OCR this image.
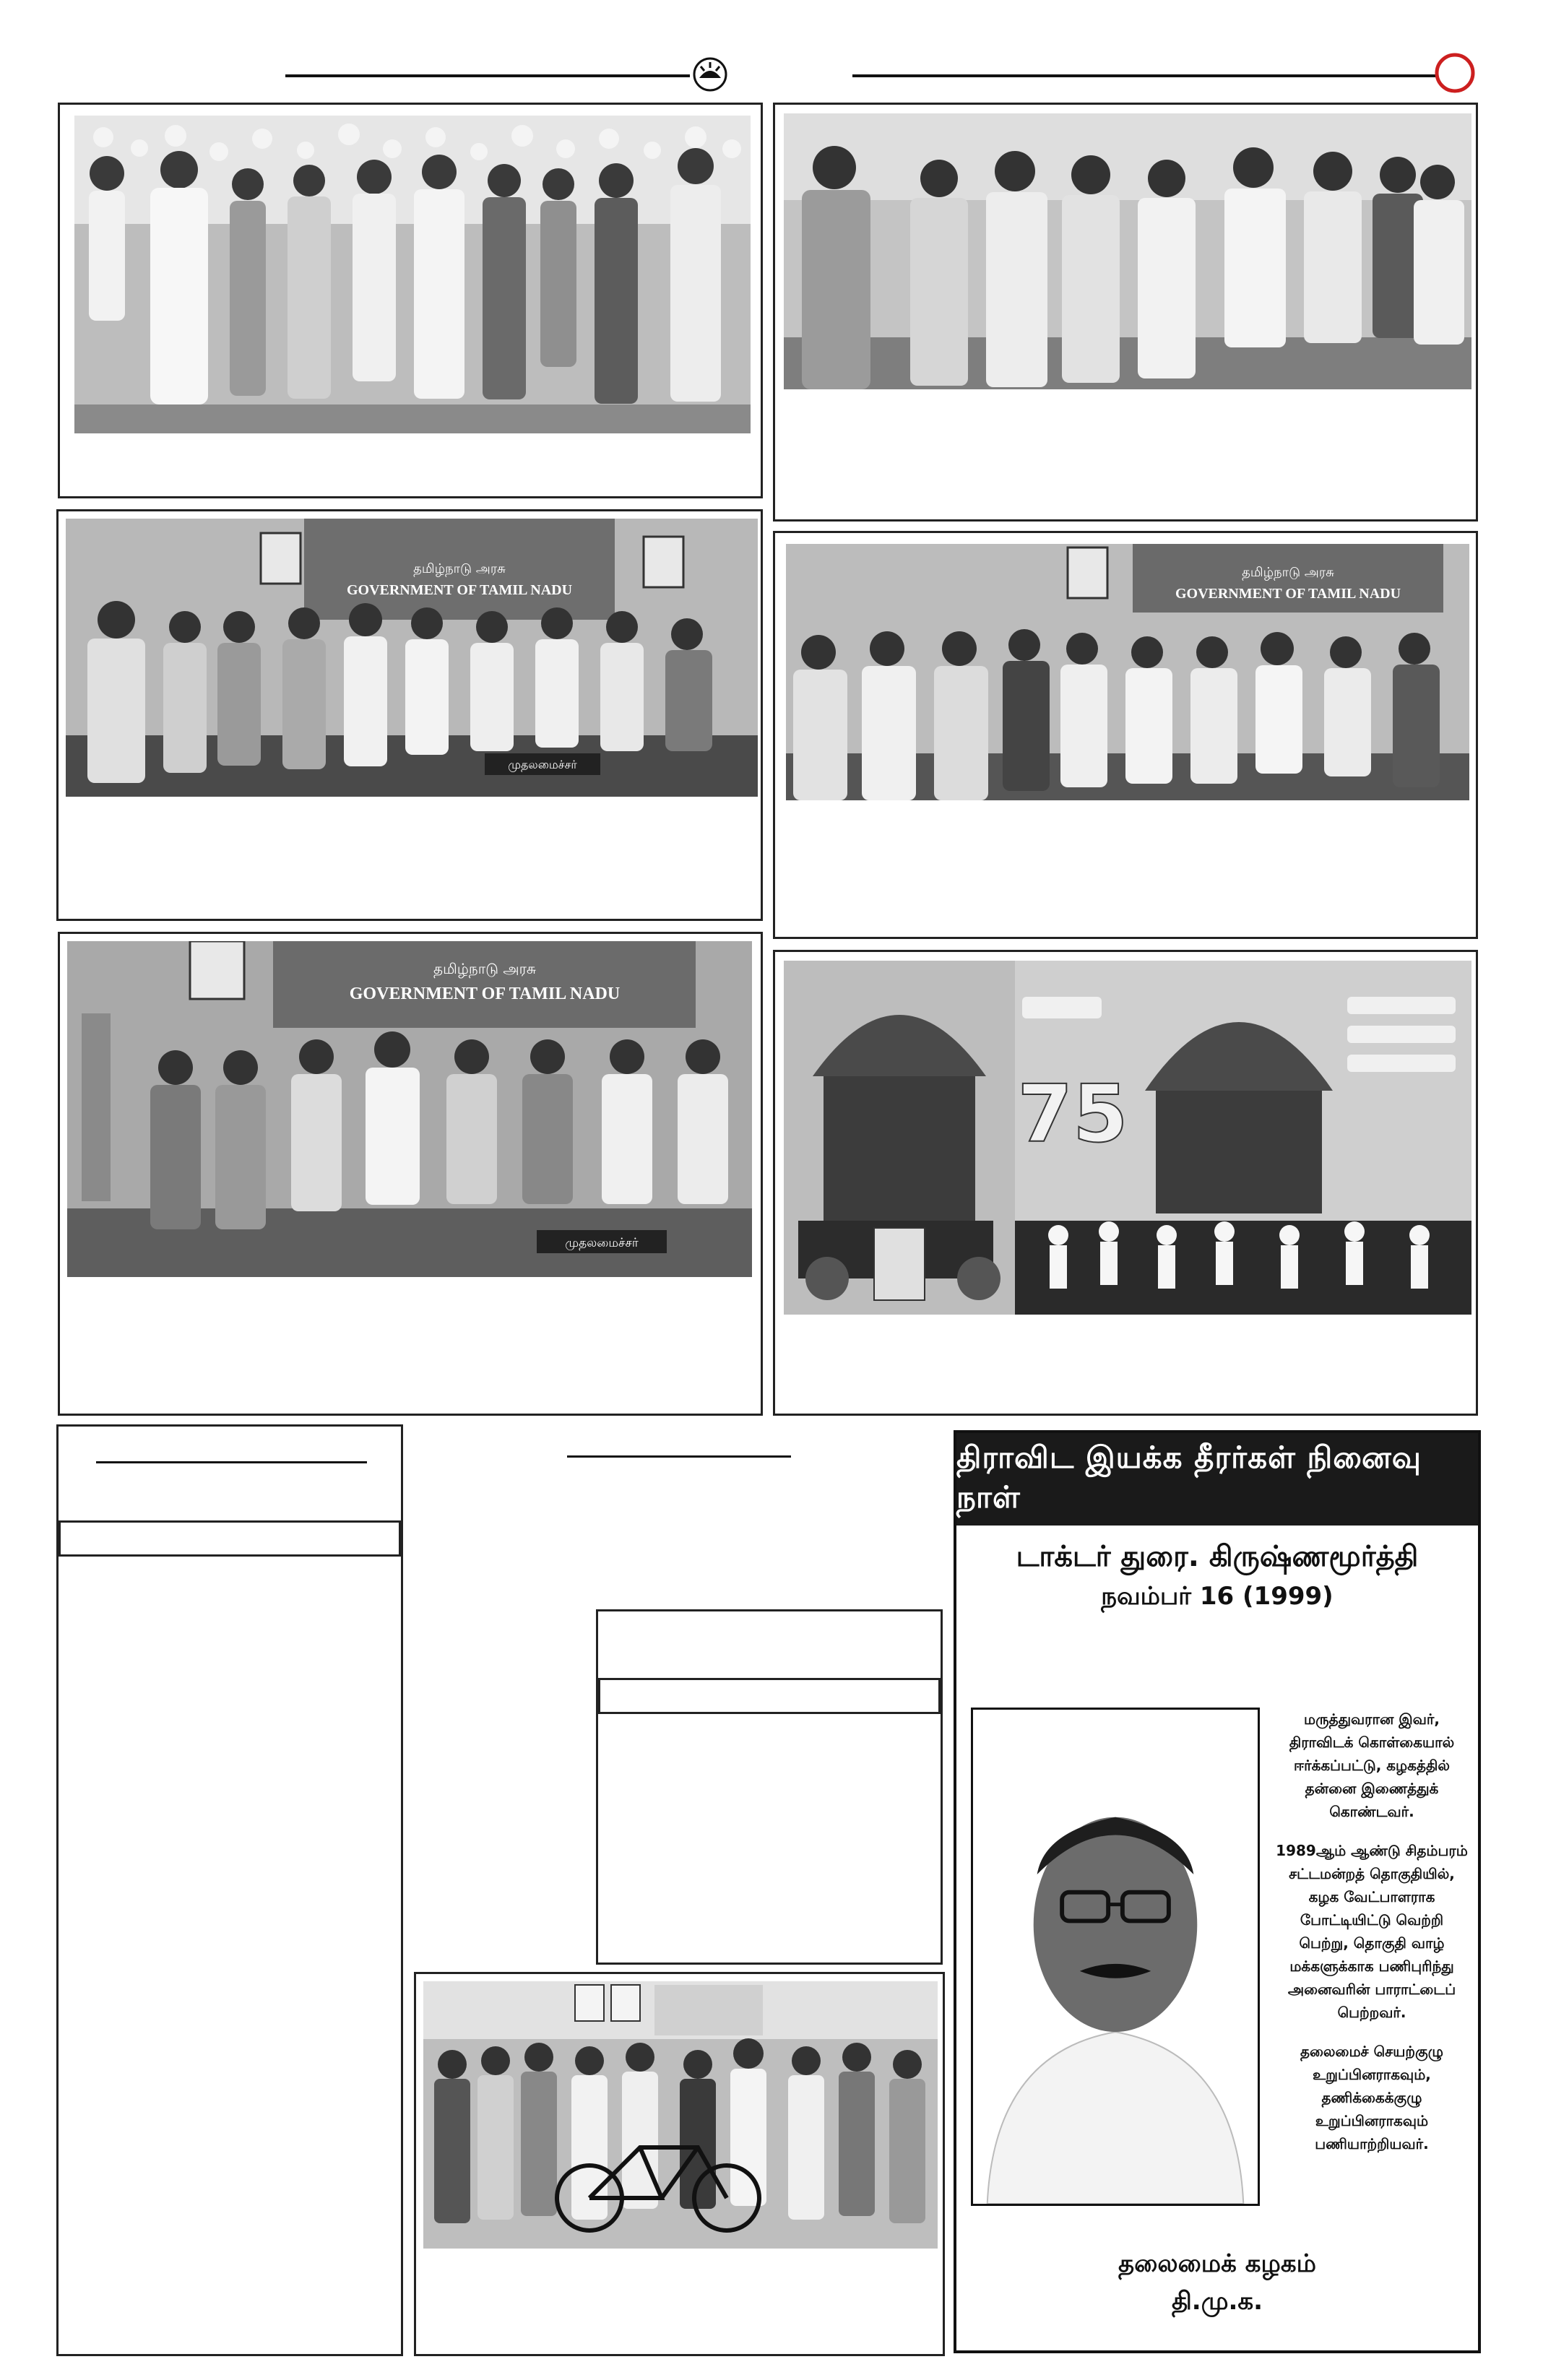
தமிழ்நாடு அரசு
GOVERNMENT OF TAMIL NADU
முதலமைச்சர்
தமிழ்நாடு அரசு
GOVERNMENT OF TAMIL NADU
தமிழ்நாடு அரசு
GOVERNMENT OF TAMIL NADU
முதலமைச்சர்
75
திராவிட இயக்க தீரர்கள் நினைவு நாள்
டாக்டர் துரை. கிருஷ்ணமூர்த்தி
நவம்பர் 16 (1999)

மருத்துவரான இவர், திராவிடக் கொள்கையால் ஈர்க்கப்பட்டு, கழகத்தில் தன்னை இணைத்துக் கொண்டவர்.

1989ஆம் ஆண்டு சிதம்பரம் சட்டமன்றத் தொகுதியில், கழக வேட்பாளராக போட்டியிட்டு வெற்றி பெற்று, தொகுதி வாழ் மக்களுக்காக பணிபுரிந்து அனைவரின் பாராட்டைப் பெற்றவர்.

தலைமைச் செயற்குழு உறுப்பினராகவும், தணிக்கைக்குழு உறுப்பினராகவும் பணியாற்றியவர்.

தலைமைக் கழகம்
தி.மு.க.
